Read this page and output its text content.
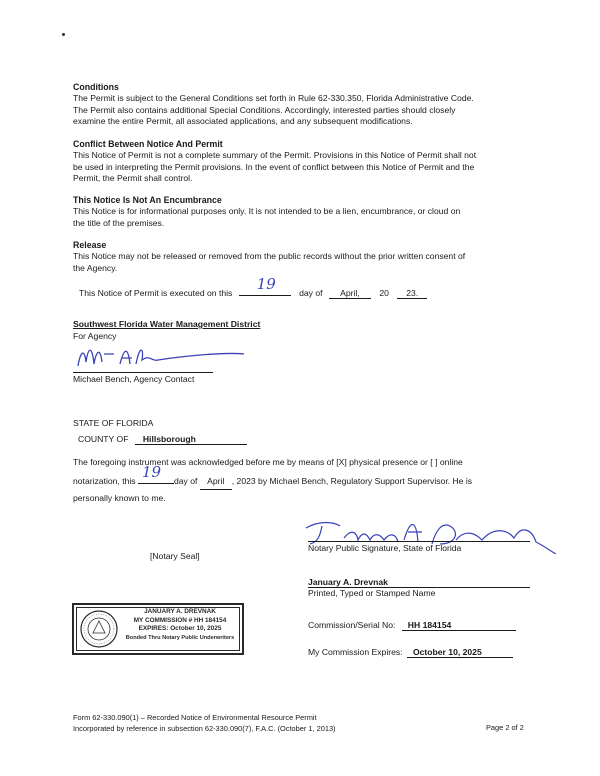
Conditions

The Permit is subject to the General Conditions set forth in Rule 62-330.350, Florida Administrative Code.

The Permit also contains additional Special Conditions. Accordingly, interested parties should closely

examine the entire Permit, all associated applications, and any subsequent modifications.

Conflict Between Notice And Permit

This Notice of Permit is not a complete summary of the Permit. Provisions in this Notice of Permit shall not

be used in interpreting the Permit provisions. In the event of conflict between this Notice of Permit and the

Permit, the Permit shall control.

This Notice Is Not An Encumbrance

This Notice is for informational purposes only. It is not intended to be a lien, encumbrance, or cloud on

the title of the premises.

Release

This Notice may not be released or removed from the public records without the prior written consent of

the Agency.

This Notice of Permit is executed on this 19	day of April, 20 23.
Southwest Florida Water Management District
For Agency
Michael Bench, Agency Contact
STATE OF FLORIDA
COUNTY OF Hillsborough
The foregoing instrument was acknowledged before me by means of [X] physical presence or [ ] online
notarization, this 19 day of April , 2023 by Michael Bench, Regulatory Support Supervisor. He is
personally known to me.
Notary Public Signature, State of Florida
[Notary Seal]
January A. Drevnak
Printed, Typed or Stamped Name
Commission/Serial No: HH 184154
My Commission Expires: October 10, 2025
JANUARY A. DREVNAK
MY COMMISSION # HH 184154
EXPIRES: October 10, 2025
Bonded Thru Notary Public Underwriters
Form 62-330.090(1) – Recorded Notice of Environmental Resource Permit
Incorporated by reference in subsection 62-330.090(7), F.A.C. (October 1, 2013)	Page 2 of 2
